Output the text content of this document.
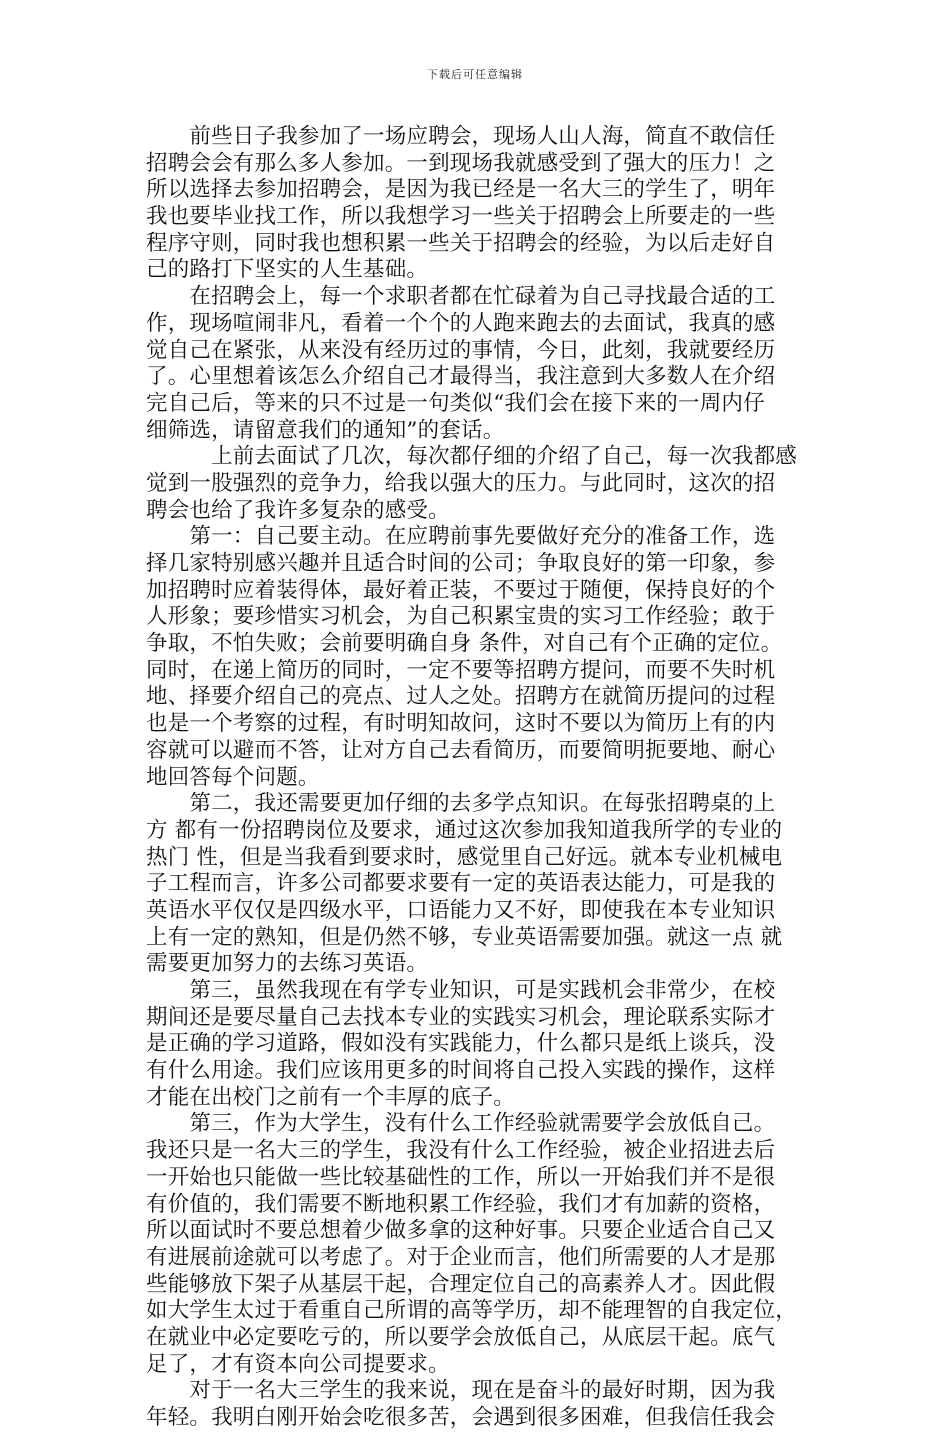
下载后可任意编辑
　　前些日子我参加了一场应聘会，现场人山人海，简直不敢信任
招聘会会有那么多人参加。一到现场我就感受到了强大的压力！之
所以选择去参加招聘会，是因为我已经是一名大三的学生了，明年
我也要毕业找工作，所以我想学习一些关于招聘会上所要走的一些
程序守则，同时我也想积累一些关于招聘会的经验，为以后走好自
己的路打下坚实的人生基础。
　　在招聘会上，每一个求职者都在忙碌着为自己寻找最合适的工
作，现场喧闹非凡，看着一个个的人跑来跑去的去面试，我真的感
觉自己在紧张，从来没有经历过的事情，今日，此刻，我就要经历
了。心里想着该怎么介绍自己才最得当，我注意到大多数人在介绍
完自己后，等来的只不过是一句类似“我们会在接下来的一周内仔
细筛选，请留意我们的通知”的套话。
　　　上前去面试了几次，每次都仔细的介绍了自己，每一次我都感
觉到一股强烈的竞争力，给我以强大的压力。与此同时，这次的招
聘会也给了我许多复杂的感受。
　　第一：自己要主动。在应聘前事先要做好充分的准备工作，选
择几家特别感兴趣并且适合时间的公司；争取良好的第一印象，参
加招聘时应着装得体，最好着正装，不要过于随便，保持良好的个
人形象；要珍惜实习机会，为自己积累宝贵的实习工作经验；敢于
争取，不怕失败；会前要明确自身 条件，对自己有个正确的定位。
同时，在递上简历的同时，一定不要等招聘方提问，而要不失时机
地、择要介绍自己的亮点、过人之处。招聘方在就简历提问的过程
也是一个考察的过程，有时明知故问，这时不要以为简历上有的内
容就可以避而不答，让对方自己去看简历，而要简明扼要地、耐心
地回答每个问题。
　　第二，我还需要更加仔细的去多学点知识。在每张招聘桌的上
方 都有一份招聘岗位及要求，通过这次参加我知道我所学的专业的
热门 性，但是当我看到要求时，感觉里自己好远。就本专业机械电
子工程而言，许多公司都要求要有一定的英语表达能力，可是我的
英语水平仅仅是四级水平，口语能力又不好，即使我在本专业知识
上有一定的熟知，但是仍然不够，专业英语需要加强。就这一点 就
需要更加努力的去练习英语。
　　第三，虽然我现在有学专业知识，可是实践机会非常少，在校
期间还是要尽量自己去找本专业的实践实习机会，理论联系实际才
是正确的学习道路，假如没有实践能力，什么都只是纸上谈兵，没
有什么用途。我们应该用更多的时间将自己投入实践的操作，这样
才能在出校门之前有一个丰厚的底子。
　　第三，作为大学生，没有什么工作经验就需要学会放低自己。
我还只是一名大三的学生，我没有什么工作经验，被企业招进去后
一开始也只能做一些比较基础性的工作，所以一开始我们并不是很
有价值的，我们需要不断地积累工作经验，我们才有加薪的资格，
所以面试时不要总想着少做多拿的这种好事。只要企业适合自己又
有进展前途就可以考虑了。对于企业而言，他们所需要的人才是那
些能够放下架子从基层干起，合理定位自己的高素养人才。因此假
如大学生太过于看重自己所谓的高等学历，却不能理智的自我定位，
在就业中必定要吃亏的，所以要学会放低自己，从底层干起。底气
足了，才有资本向公司提要求。
　　对于一名大三学生的我来说，现在是奋斗的最好时期，因为我
年轻。我明白刚开始会吃很多苦，会遇到很多困难，但我信任我会
